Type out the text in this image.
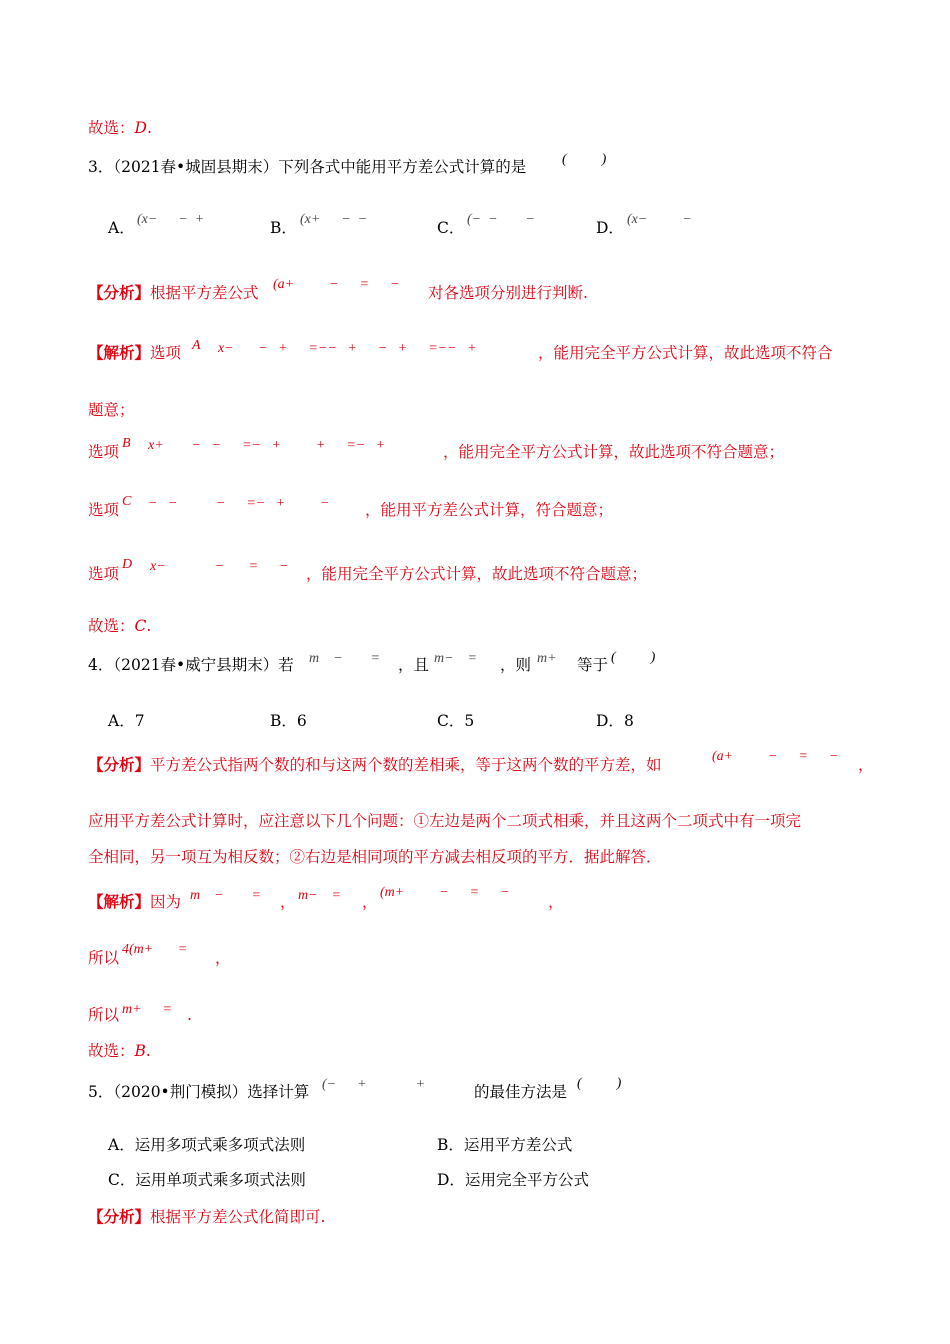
故选：D.
3．（2021春•城固县期末）下列各式中能用平方差公式计算的是	(          )
A． (x−      −  +	B． (x+      −  −	C． (−  −        −	D． (x−          −
【分析】根据平方差公式 (a+          −      =      − 对各选项分别进行判断.
【解析】选项 A x−       −   +      =−−   +      −   +      =−−   +	，能用完全平方公式计算，故此选项不符合
题意；
选项 B x+        −   −      =−   +          +      =−   +	，能用完全平方公式计算，故此选项不符合题意；
选项 C −   −           −      =−   +          − ，能用平方差公式计算，符合题意；
选项
D x−              −       =      − ，能用完全平方公式计算，故此选项不符合题意；
故选：C.
4．（2021春•威宁县期末）若 m    −        = ，且 m−    = ，则 m+ 等于 (          )
A．7	B．6	C．5	D．8
【分析】平方差公式指两个数的和与这两个数的差相乘，等于这两个数的平方差，如	(a+          −      =      − ，
应用平方差公式计算时，应注意以下几个问题：①左边是两个二项式相乘，并且这两个二项式中有一项完
全相同，另一项互为相反数；②右边是相同项的平方减去相反项的平方．据此解答．
【解析】因为 m    −        = ， m−    = ，
(m+          −      =      −
，
所以 4(m+       = ，
所以 m+      = .
故选：B.
5．（2020•荆门模拟）选择计算 (−      +              +	的最佳方法是 (          )
A．运用多项式乘多项式法则	B．运用平方差公式
C．运用单项式乘多项式法则	D．运用完全平方公式
【分析】根据平方差公式化简即可.
